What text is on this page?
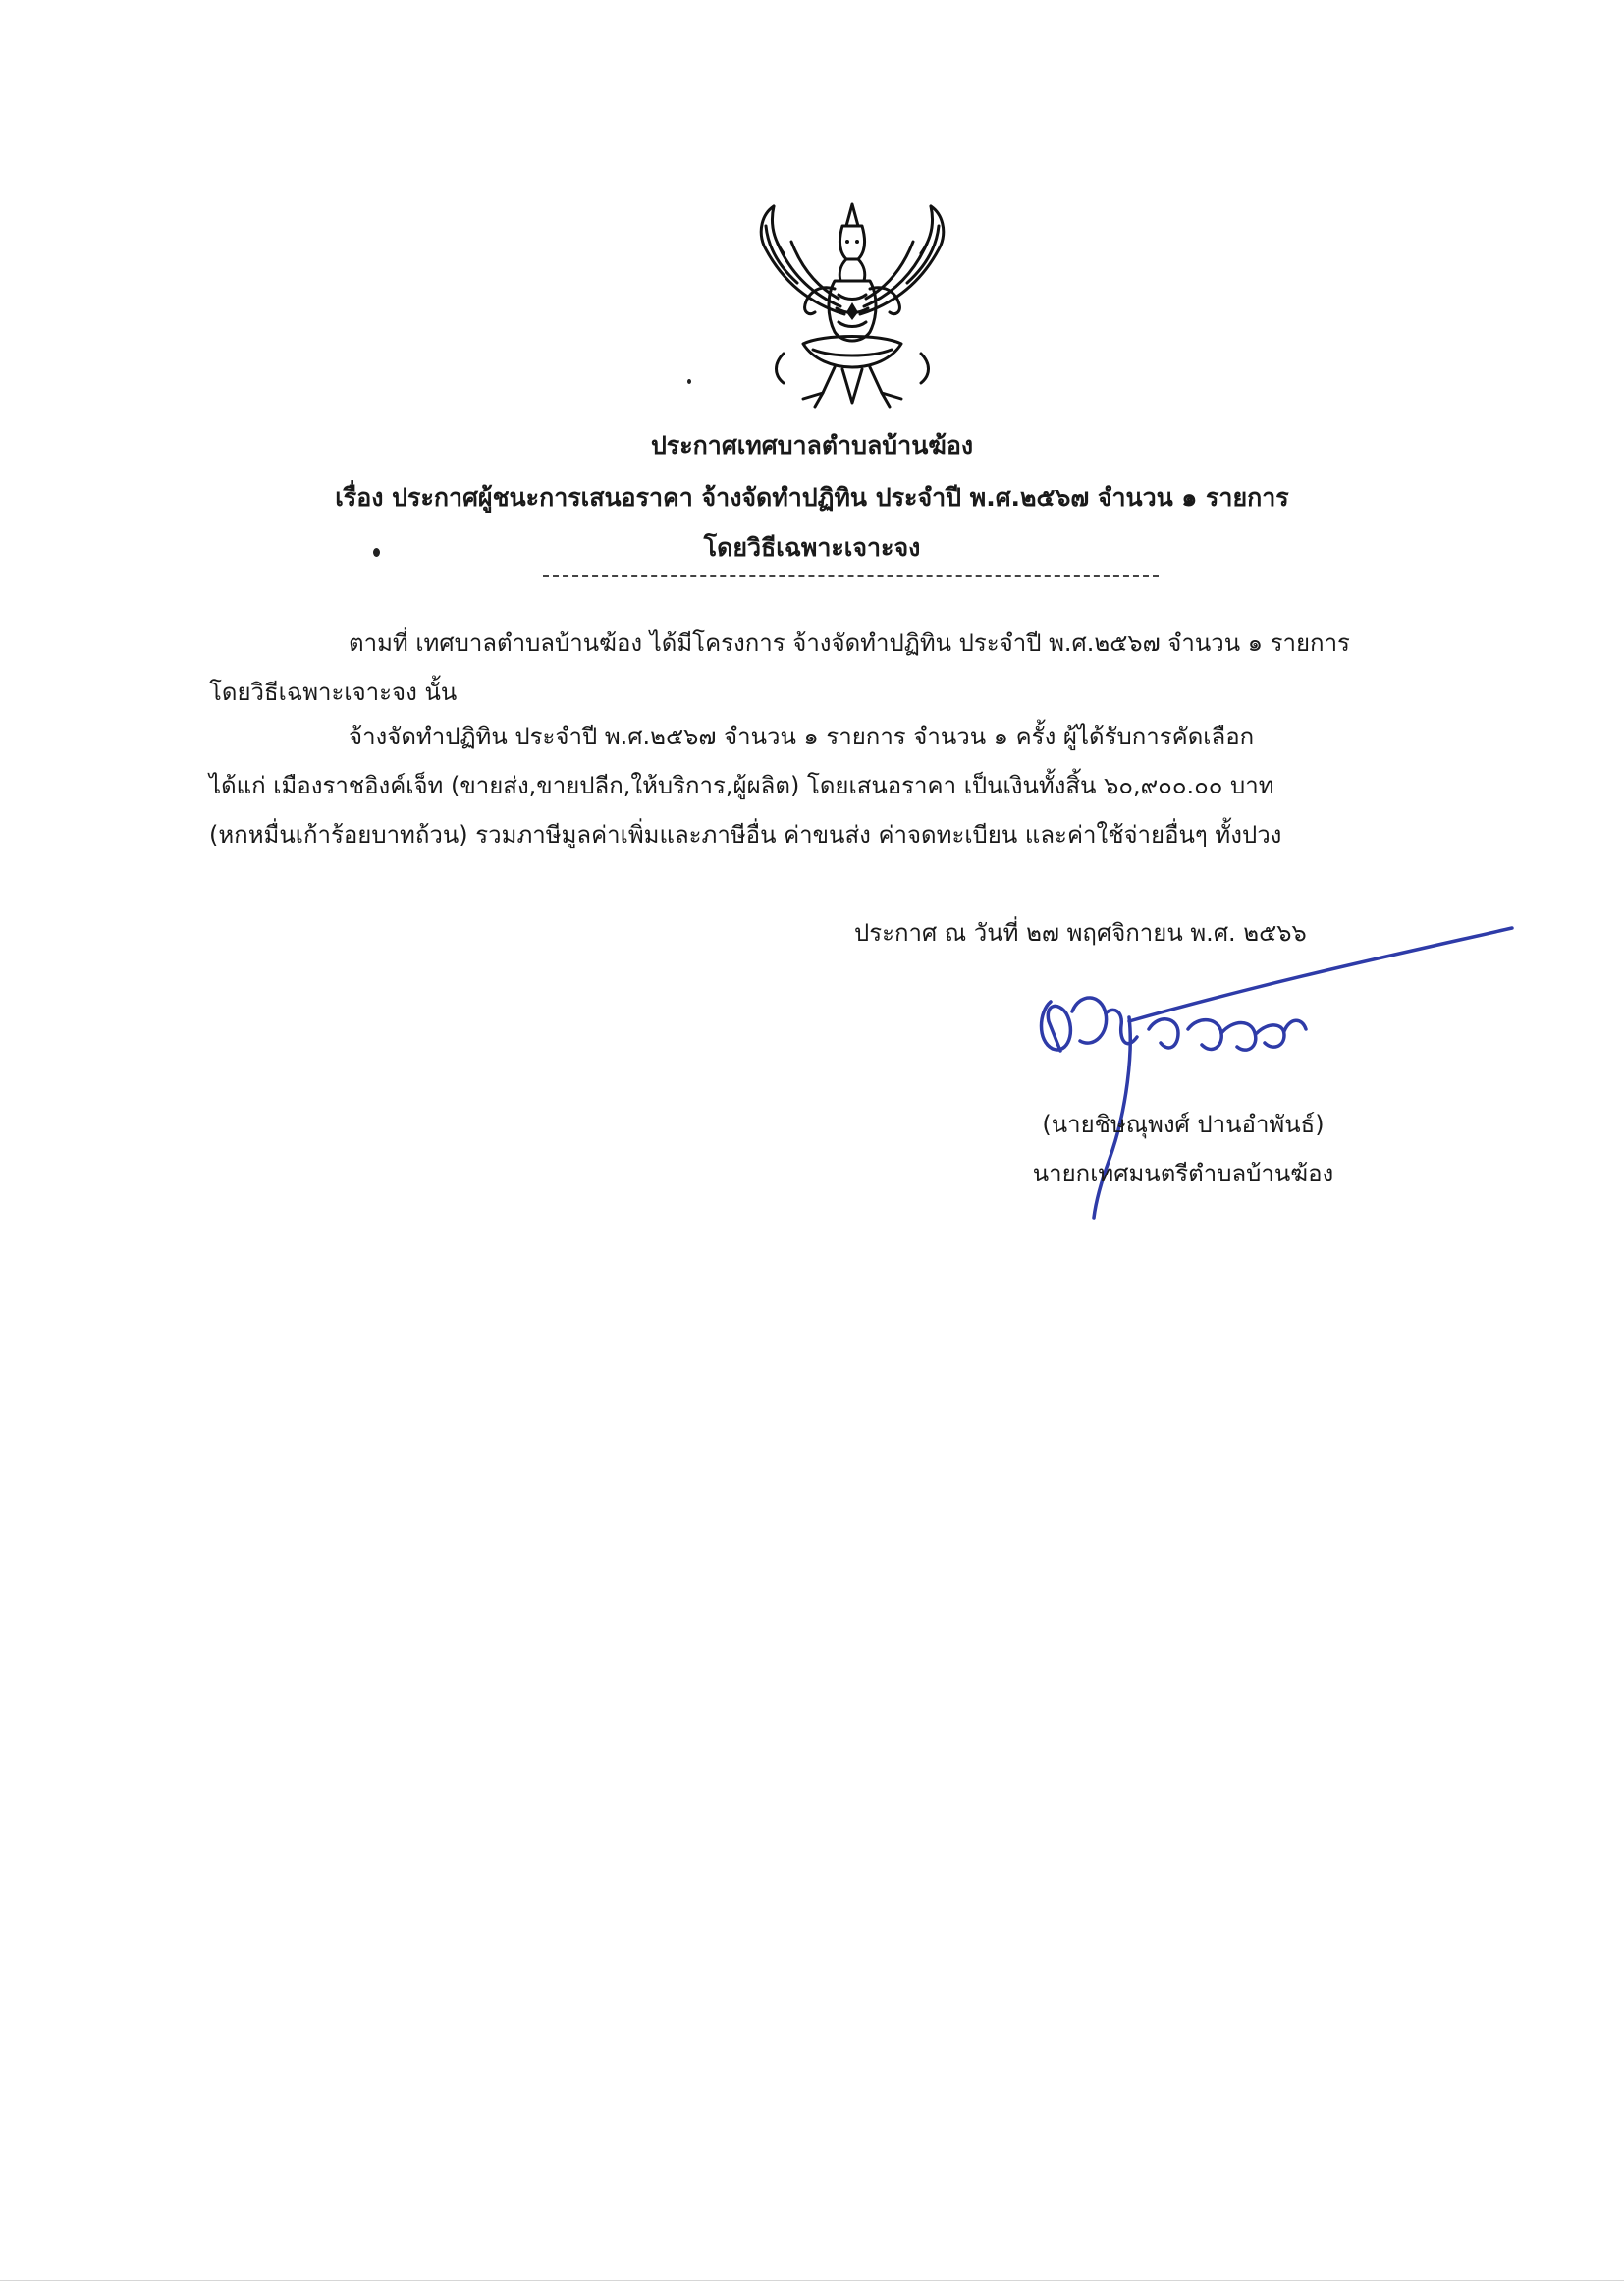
ประกาศเทศบาลตำบลบ้านฆ้อง
เรื่อง ประกาศผู้ชนะการเสนอราคา จ้างจัดทำปฏิทิน ประจำปี พ.ศ.๒๕๖๗ จำนวน ๑ รายการ
โดยวิธีเฉพาะเจาะจง
ตามที่ เทศบาลตำบลบ้านฆ้อง ได้มีโครงการ จ้างจัดทำปฏิทิน ประจำปี พ.ศ.๒๕๖๗ จำนวน ๑ รายการ
โดยวิธีเฉพาะเจาะจง นั้น
จ้างจัดทำปฏิทิน ประจำปี พ.ศ.๒๕๖๗ จำนวน ๑ รายการ จำนวน ๑ ครั้ง ผู้ได้รับการคัดเลือก
ได้แก่ เมืองราชอิงค์เจ็ท (ขายส่ง,ขายปลีก,ให้บริการ,ผู้ผลิต) โดยเสนอราคา เป็นเงินทั้งสิ้น ๖๐,๙๐๐.๐๐ บาท
(หกหมื่นเก้าร้อยบาทถ้วน) รวมภาษีมูลค่าเพิ่มและภาษีอื่น ค่าขนส่ง ค่าจดทะเบียน และค่าใช้จ่ายอื่นๆ ทั้งปวง
ประกาศ ณ วันที่ ๒๗ พฤศจิกายน พ.ศ. ๒๕๖๖
(นายชิษณุพงศ์ ปานอำพันธ์)
นายกเทศมนตรีตำบลบ้านฆ้อง
